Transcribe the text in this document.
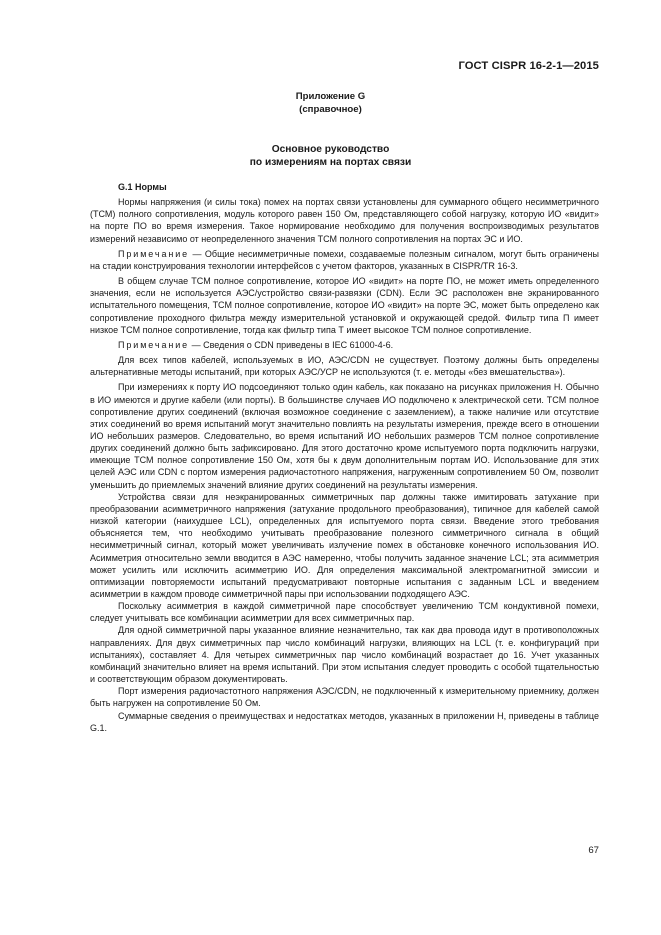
ГОСТ CISPR 16-2-1—2015
Приложение G
(справочное)
Основное руководство
по измерениям на портах связи
G.1 Нормы

Нормы напряжения (и силы тока) помех на портах связи установлены для суммарного общего несимметричного (ТСМ) полного сопротивления, модуль которого равен 150 Ом, представляющего собой нагрузку, которую ИО «видит» на порте ПО во время измерения. Такое нормирование необходимо для получения воспроизводимых результатов измерений независимо от неопределенного значения ТСМ полного сопротивления на портах ЭС и ИО.

Примечание — Общие несимметричные помехи, создаваемые полезным сигналом, могут быть ограничены на стадии конструирования технологии интерфейсов с учетом факторов, указанных в CISPR/TR 16-3.

В общем случае ТСМ полное сопротивление, которое ИО «видит» на порте ПО, не может иметь определенного значения, если не используется АЭС/устройство связи-развязки (CDN). Если ЭС расположен вне экранированного испытательного помещения, ТСМ полное сопротивление, которое ИО «видит» на порте ЭС, может быть определено как сопротивление проходного фильтра между измерительной установкой и окружающей средой. Фильтр типа П имеет низкое ТСМ полное сопротивление, тогда как фильтр типа Т имеет высокое ТСМ полное сопротивление.

Примечание — Сведения о CDN приведены в IEC 61000-4-6.

Для всех типов кабелей, используемых в ИО, АЭС/CDN не существует. Поэтому должны быть определены альтернативные методы испытаний, при которых АЭС/УСР не используются (т. е. методы «без вмешательства»).

При измерениях к порту ИО подсоединяют только один кабель, как показано на рисунках приложения Н. Обычно в ИО имеются и другие кабели (или порты). В большинстве случаев ИО подключено к электрической сети. ТСМ полное сопротивление других соединений (включая возможное соединение с заземлением), а также наличие или отсутствие этих соединений во время испытаний могут значительно повлиять на результаты измерения, прежде всего в отношении ИО небольших размеров. Следовательно, во время испытаний ИО небольших размеров ТСМ полное сопротивление других соединений должно быть зафиксировано. Для этого достаточно кроме испытуемого порта подключить нагрузки, имеющие ТСМ полное сопротивление 150 Ом, хотя бы к двум дополнительным портам ИО. Использование для этих целей АЭС или CDN с портом измерения радиочастотного напряжения, нагруженным сопротивлением 50 Ом, позволит уменьшить до приемлемых значений влияние других соединений на результаты измерения.

Устройства связи для неэкранированных симметричных пар должны также имитировать затухание при преобразовании асимметричного напряжения (затухание продольного преобразования), типичное для кабелей самой низкой категории (наихудшее LCL), определенных для испытуемого порта связи. Введение этого требования объясняется тем, что необходимо учитывать преобразование полезного симметричного сигнала в общий несимметричный сигнал, который может увеличивать излучение помех в обстановке конечного использования ИО. Асимметрия относительно земли вводится в АЭС намеренно, чтобы получить заданное значение LCL; эта асимметрия может усилить или исключить асимметрию ИО. Для определения максимальной электромагнитной эмиссии и оптимизации повторяемости испытаний предусматривают повторные испытания с заданным LCL и введением асимметрии в каждом проводе симметричной пары при использовании подходящего АЭС.

Поскольку асимметрия в каждой симметричной паре способствует увеличению ТСМ кондуктивной помехи, следует учитывать все комбинации асимметрии для всех симметричных пар.

Для одной симметричной пары указанное влияние незначительно, так как два провода идут в противоположных направлениях. Для двух симметричных пар число комбинаций нагрузки, влияющих на LCL (т. е. конфигураций при испытаниях), составляет 4. Для четырех симметричных пар число комбинаций возрастает до 16. Учет указанных комбинаций значительно влияет на время испытаний. При этом испытания следует проводить с особой тщательностью и соответствующим образом документировать.

Порт измерения радиочастотного напряжения АЭС/CDN, не подключенный к измерительному приемнику, должен быть нагружен на сопротивление 50 Ом.

Суммарные сведения о преимуществах и недостатках методов, указанных в приложении Н, приведены в таблице G.1.

67
